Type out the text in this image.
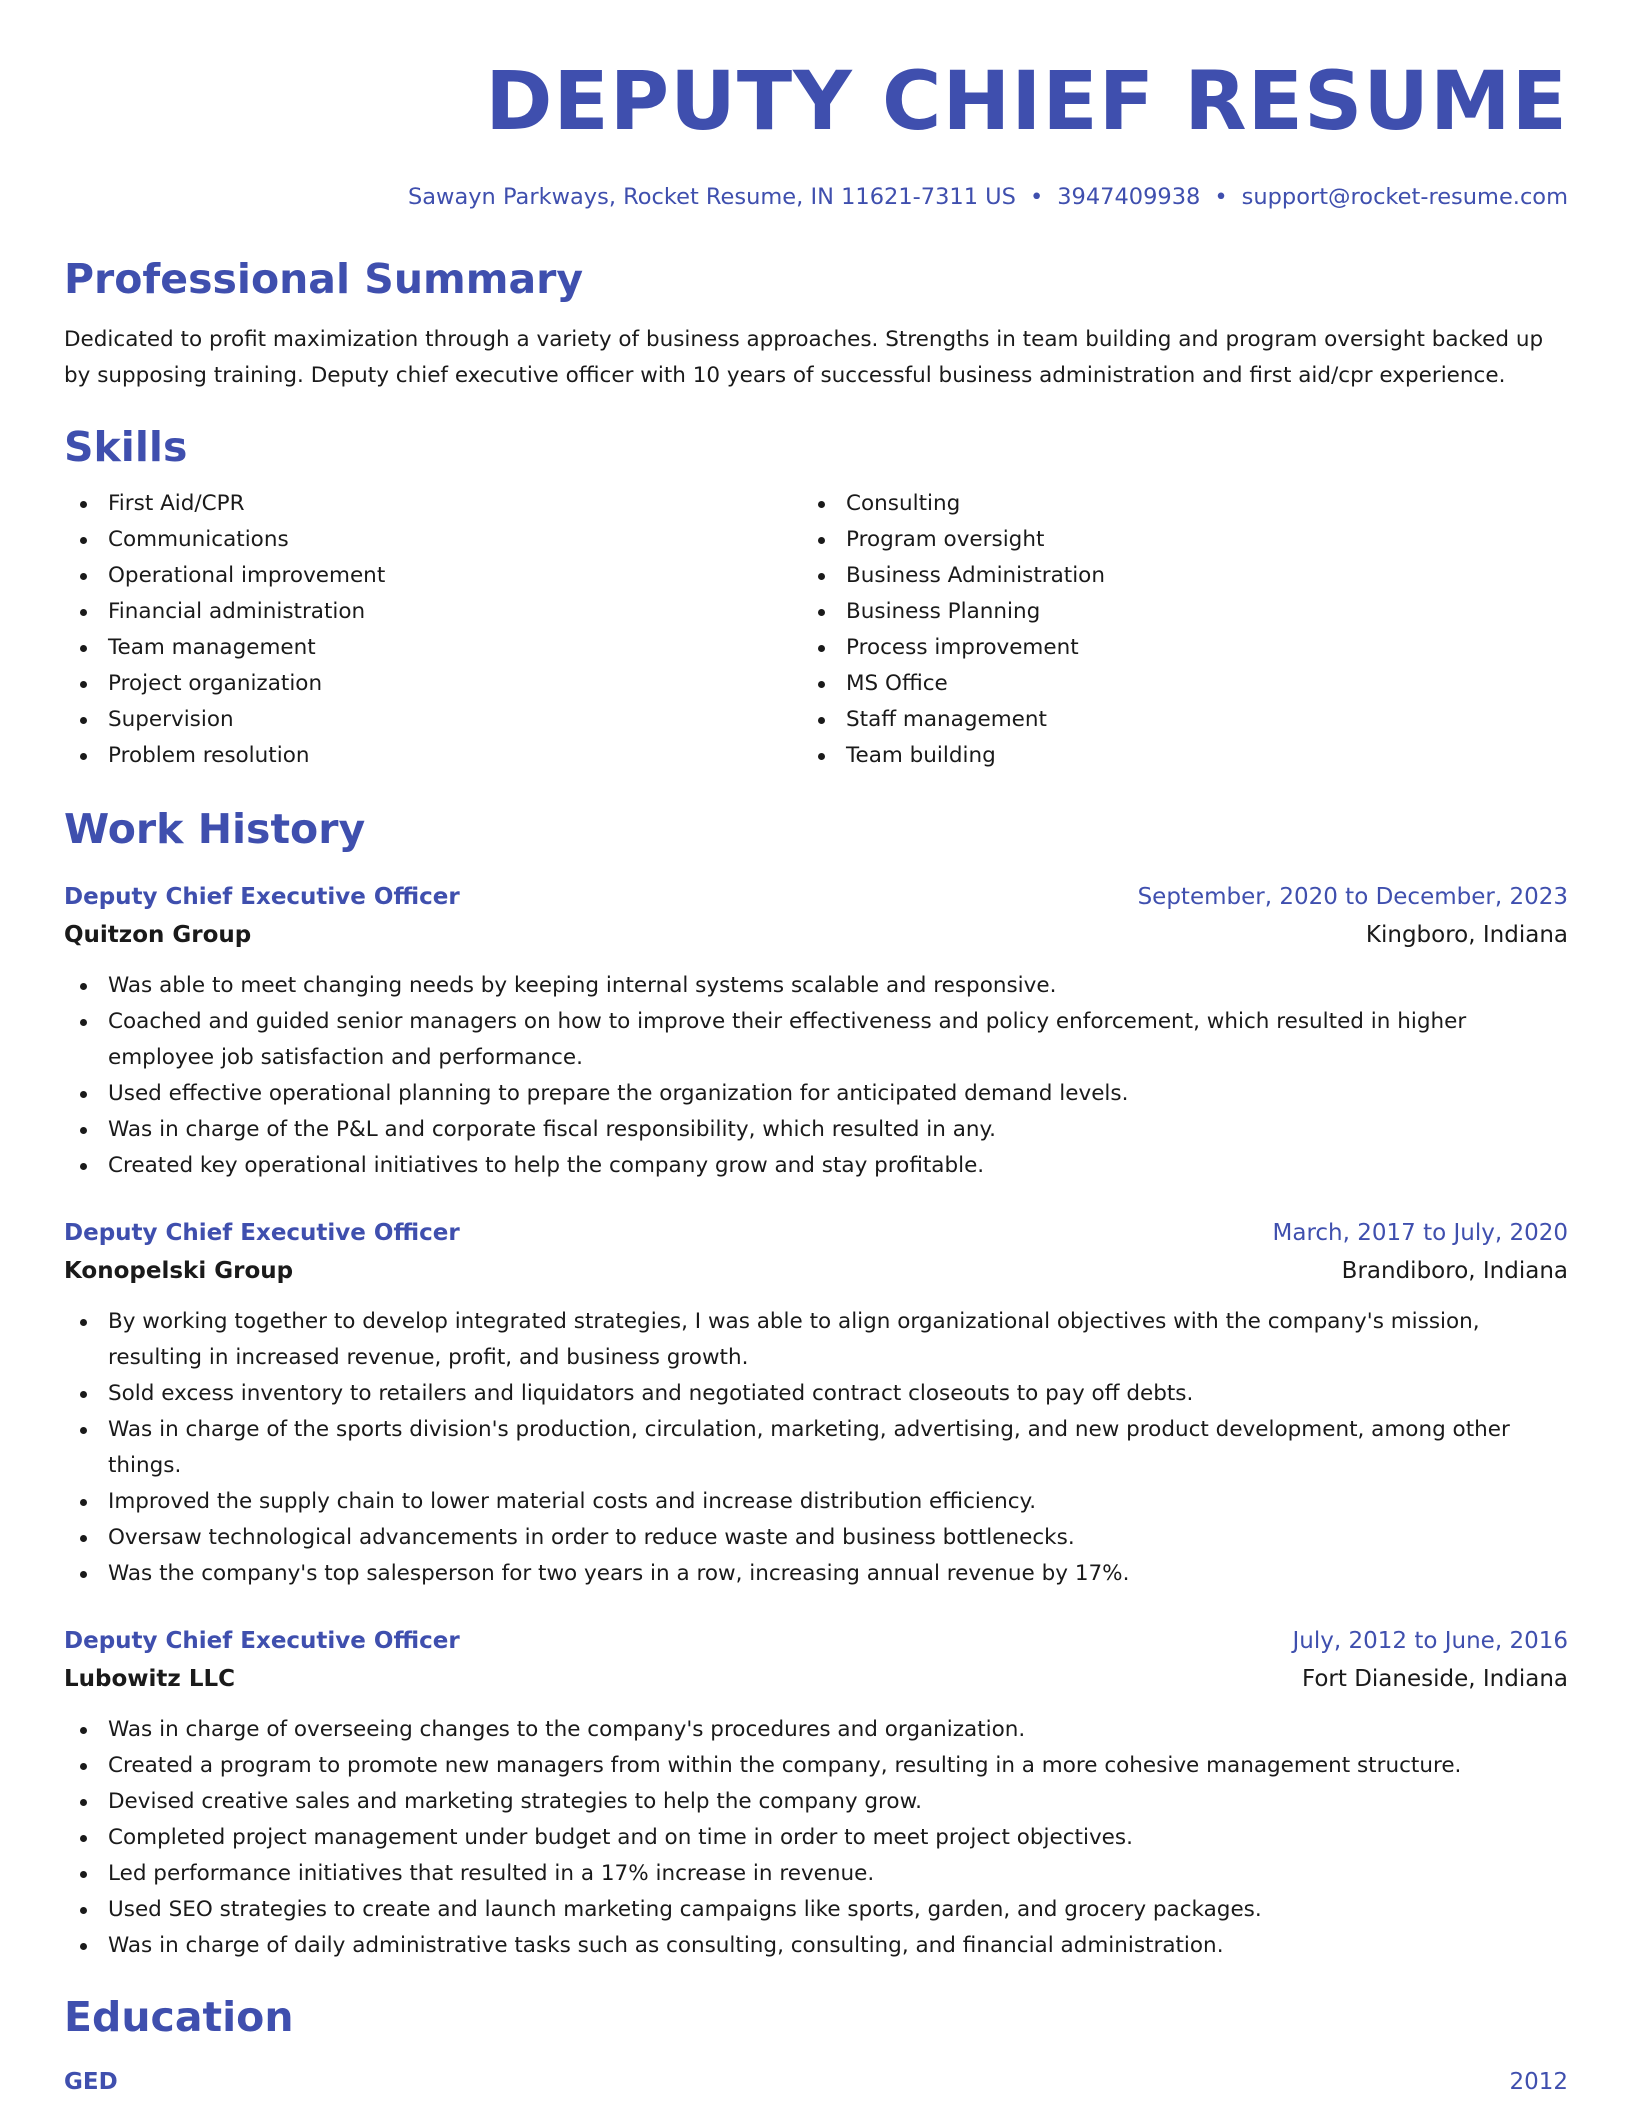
DEPUTY CHIEF RESUME
Sawayn Parkways, Rocket Resume, IN 11621-7311 US • 3947409938 • support@rocket-resume.com
Professional Summary
Dedicated to profit maximization through a variety of business approaches. Strengths in team building and program oversight backed up by supposing training. Deputy chief executive officer with 10 years of successful business administration and first aid/cpr experience.
Skills
First Aid/CPR
Communications
Operational improvement
Financial administration
Team management
Project organization
Supervision
Problem resolution
Consulting
Program oversight
Business Administration
Business Planning
Process improvement
MS Office
Staff management
Team building
Work History
Deputy Chief Executive Officer	September, 2020 to December, 2023
Quitzon Group	Kingboro, Indiana
Was able to meet changing needs by keeping internal systems scalable and responsive.
Coached and guided senior managers on how to improve their effectiveness and policy enforcement, which resulted in higher employee job satisfaction and performance.
Used effective operational planning to prepare the organization for anticipated demand levels.
Was in charge of the P&L and corporate fiscal responsibility, which resulted in any.
Created key operational initiatives to help the company grow and stay profitable.
Deputy Chief Executive Officer	March, 2017 to July, 2020
Konopelski Group	Brandiboro, Indiana
By working together to develop integrated strategies, I was able to align organizational objectives with the company's mission, resulting in increased revenue, profit, and business growth.
Sold excess inventory to retailers and liquidators and negotiated contract closeouts to pay off debts.
Was in charge of the sports division's production, circulation, marketing, advertising, and new product development, among other things.
Improved the supply chain to lower material costs and increase distribution efficiency.
Oversaw technological advancements in order to reduce waste and business bottlenecks.
Was the company's top salesperson for two years in a row, increasing annual revenue by 17%.
Deputy Chief Executive Officer	July, 2012 to June, 2016
Lubowitz LLC	Fort Dianeside, Indiana
Was in charge of overseeing changes to the company's procedures and organization.
Created a program to promote new managers from within the company, resulting in a more cohesive management structure.
Devised creative sales and marketing strategies to help the company grow.
Completed project management under budget and on time in order to meet project objectives.
Led performance initiatives that resulted in a 17% increase in revenue.
Used SEO strategies to create and launch marketing campaigns like sports, garden, and grocery packages.
Was in charge of daily administrative tasks such as consulting, consulting, and financial administration.
Education
GED	2012
